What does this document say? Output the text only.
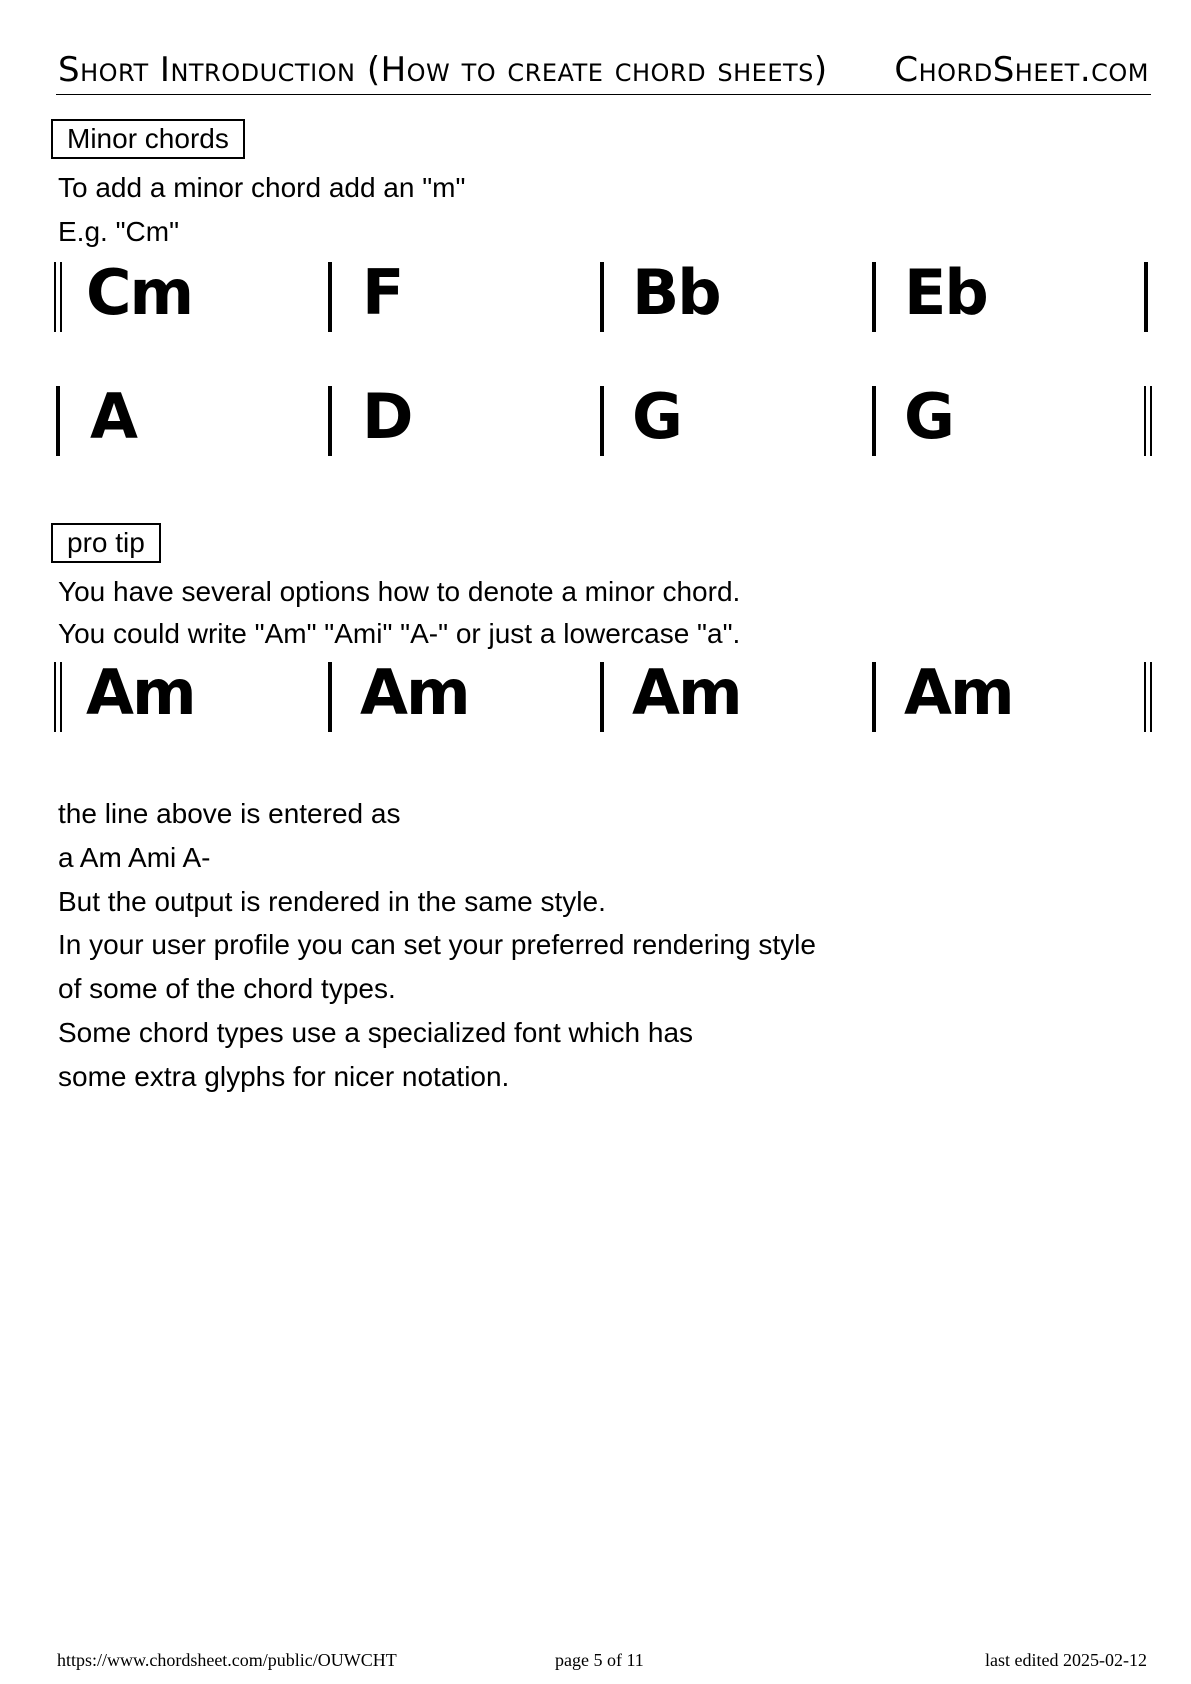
Short Introduction (How to create chord sheets) ChordSheet.com
Minor chords
To add a minor chord add an "m"
E.g. "Cm"
Cm	F	Bb	Eb
A	D	G	G
pro tip
You have several options how to denote a minor chord.
You could write "Am" "Ami" "A-" or just a lowercase "a".
Am	Am	Am	Am
the line above is entered as
a Am Ami A-
But the output is rendered in the same style.
In your user profile you can set your preferred rendering style
of some of the chord types.
Some chord types use a specialized font which has
some extra glyphs for nicer notation.
https://www.chordsheet.com/public/OUWCHT	page 5 of 11	last edited 2025-02-12
